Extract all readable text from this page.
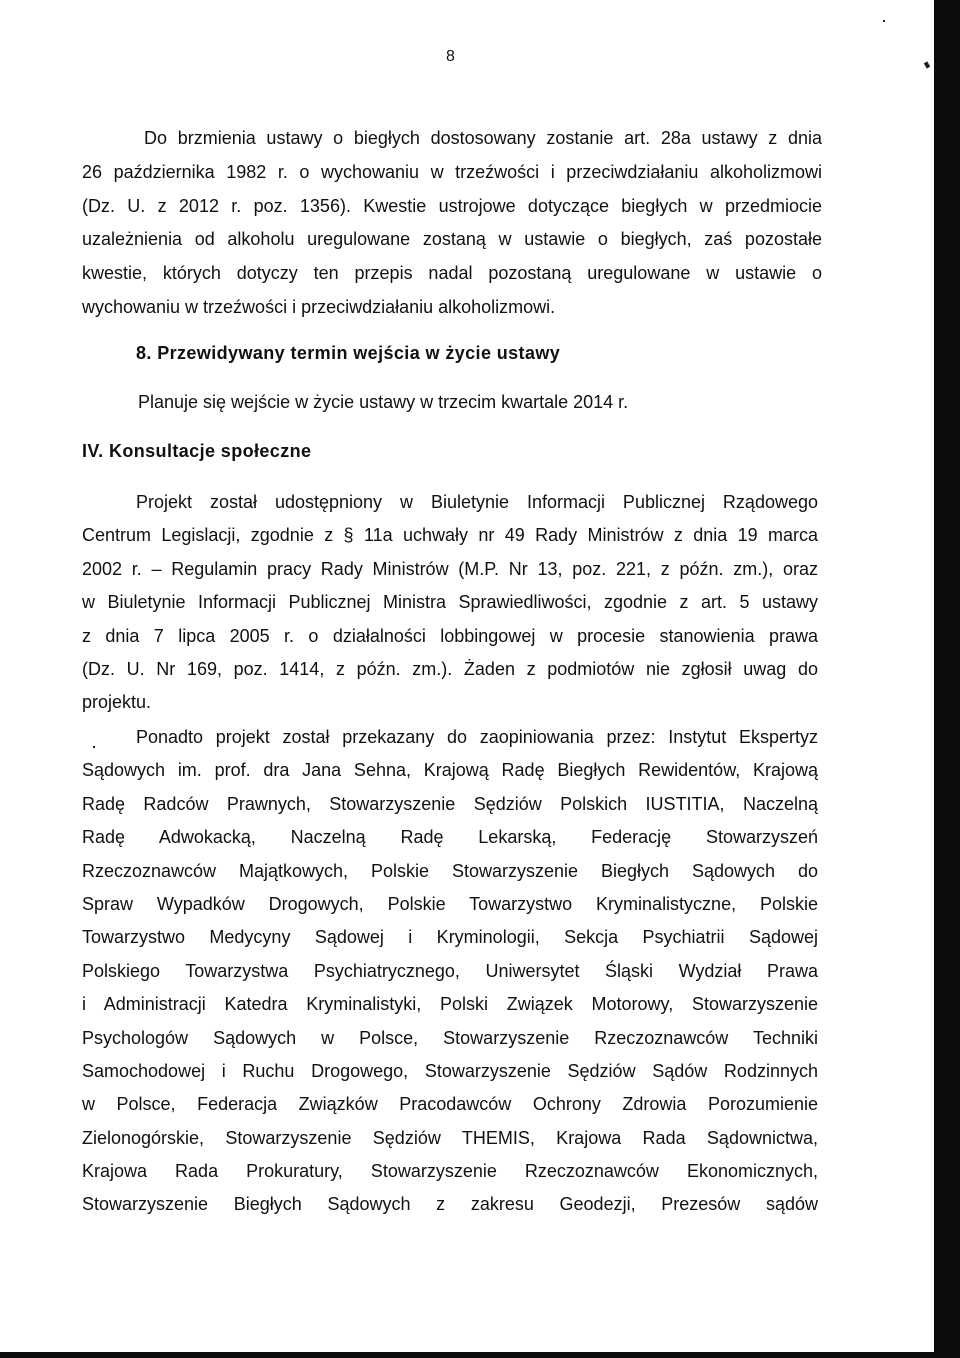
8
Do brzmienia ustawy o biegłych dostosowany zostanie art. 28a ustawy z dnia
26 października 1982 r. o wychowaniu w trzeźwości i przeciwdziałaniu alkoholizmowi
(Dz. U. z 2012 r. poz. 1356). Kwestie ustrojowe dotyczące biegłych w przedmiocie
uzależnienia od alkoholu uregulowane zostaną w ustawie o biegłych, zaś pozostałe
kwestie, których dotyczy ten przepis nadal pozostaną uregulowane w ustawie o
wychowaniu w trzeźwości i przeciwdziałaniu alkoholizmowi.
8. Przewidywany termin wejścia w życie ustawy
Planuje się wejście w życie ustawy w trzecim kwartale 2014 r.
IV. Konsultacje społeczne
Projekt został udostępniony w Biuletynie Informacji Publicznej Rządowego
Centrum Legislacji, zgodnie z § 11a uchwały nr 49 Rady Ministrów z dnia 19 marca
2002 r. – Regulamin pracy Rady Ministrów (M.P. Nr 13, poz. 221, z późn. zm.), oraz
w Biuletynie Informacji Publicznej Ministra Sprawiedliwości, zgodnie z art. 5 ustawy
z dnia 7 lipca 2005 r. o działalności lobbingowej w procesie stanowienia prawa
(Dz. U. Nr 169, poz. 1414, z późn. zm.). Żaden z podmiotów nie zgłosił uwag do
projektu.
Ponadto projekt został przekazany do zaopiniowania przez: Instytut Ekspertyz
Sądowych im. prof. dra Jana Sehna, Krajową Radę Biegłych Rewidentów, Krajową
Radę Radców Prawnych, Stowarzyszenie Sędziów Polskich IUSTITIA, Naczelną
Radę Adwokacką, Naczelną Radę Lekarską, Federację Stowarzyszeń
Rzeczoznawców Majątkowych, Polskie Stowarzyszenie Biegłych Sądowych do
Spraw Wypadków Drogowych, Polskie Towarzystwo Kryminalistyczne, Polskie
Towarzystwo Medycyny Sądowej i Kryminologii, Sekcja Psychiatrii Sądowej
Polskiego Towarzystwa Psychiatrycznego, Uniwersytet Śląski Wydział Prawa
i Administracji Katedra Kryminalistyki, Polski Związek Motorowy, Stowarzyszenie
Psychologów Sądowych w Polsce, Stowarzyszenie Rzeczoznawców Techniki
Samochodowej i Ruchu Drogowego, Stowarzyszenie Sędziów Sądów Rodzinnych
w Polsce, Federacja Związków Pracodawców Ochrony Zdrowia Porozumienie
Zielonogórskie, Stowarzyszenie Sędziów THEMIS, Krajowa Rada Sądownictwa,
Krajowa Rada Prokuratury, Stowarzyszenie Rzeczoznawców Ekonomicznych,
Stowarzyszenie Biegłych Sądowych z zakresu Geodezji, Prezesów sądów
